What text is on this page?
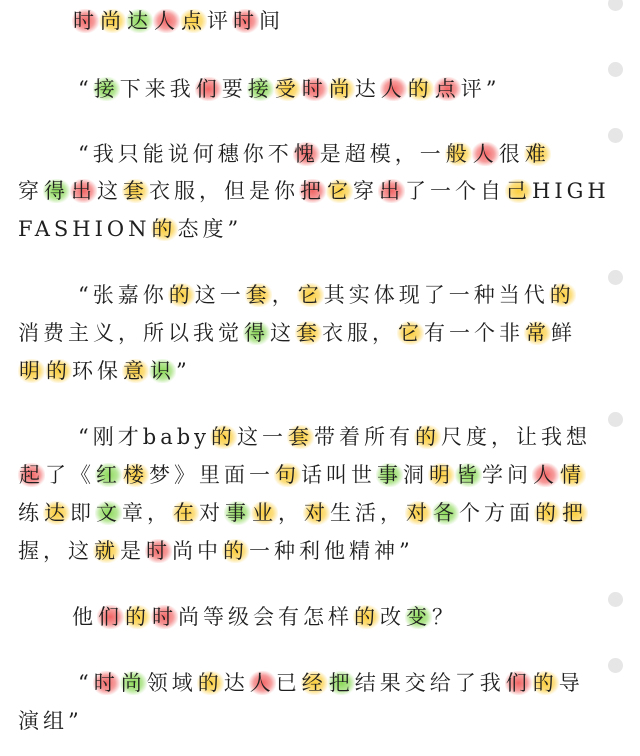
时尚达人点评时间
“接下来我们要接受时尚达人的点评”
“我只能说何穗你不愧是超模，一般人很难
穿得出这套衣服，但是你把它穿出了一个自己HIGH
FASHION的态度”
“张嘉你的这一套，它其实体现了一种当代的
消费主义，所以我觉得这套衣服，它有一个非常鲜
明的环保意识”
“刚才baby的这一套带着所有的尺度，让我想
起了《红楼梦》里面一句话叫世事洞明皆学问人情
练达即文章，在对事业，对生活，对各个方面的把
握，这就是时尚中的一种利他精神”
他们的时尚等级会有怎样的改变？
“时尚领域的达人已经把结果交给了我们的导
演组”
